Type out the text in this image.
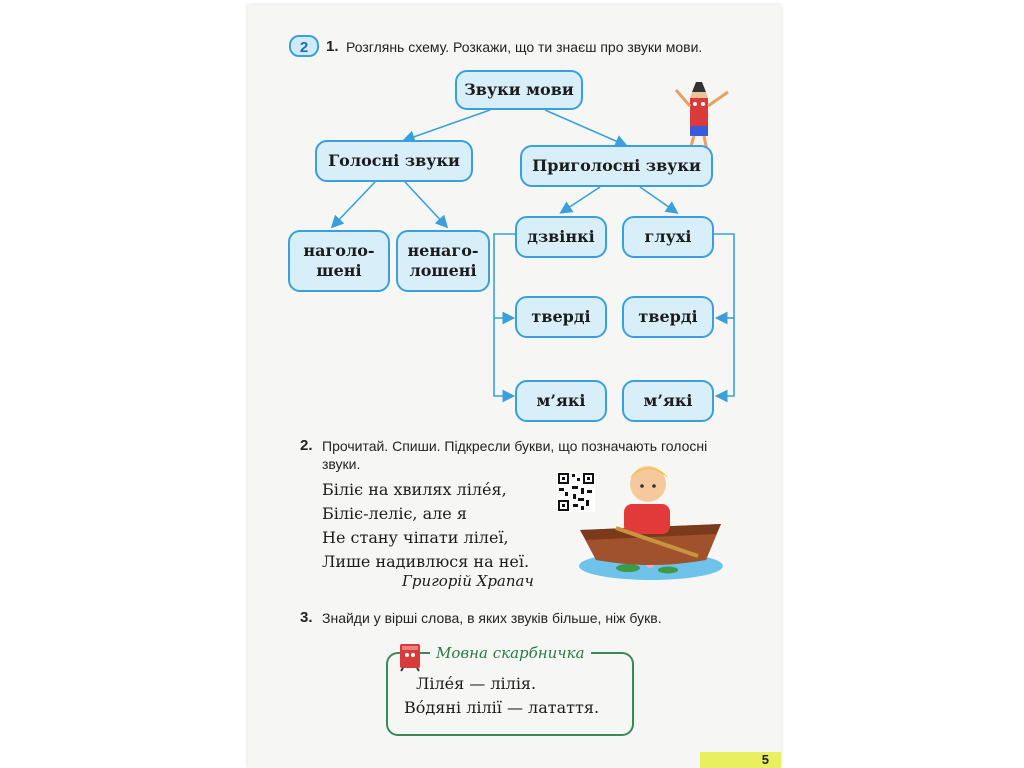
2	1. Розглянь схему. Розкажи, що ти знаєш про звуки мови.
Звуки мови
Голосні звуки	Приголосні звуки
наголо-
шені
ненаго-
лошені
дзвінкі	глухі
тверді	тверді
м’які	м’які
2. Прочитай. Спиши. Підкресли букви, що позначають голосні
звуки.
Біліє на хвилях лілéя,
Біліє-леліє, але я
Не стану чіпати лілеї,
Лише надивлюся на неї.
Григорій Храпач
3. Знайди у вірші слова, в яких звуків більше, ніж букв.
Мовна скарбничка
Лілéя — лілія.
Вóдяні лілії — латаття.
5
